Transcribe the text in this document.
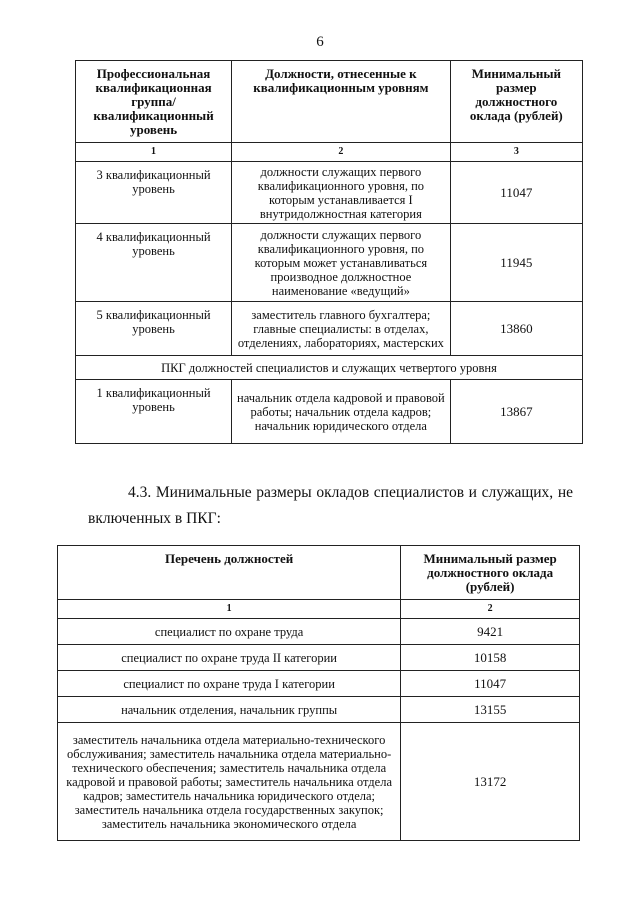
6
Профессиональная квалификационная группа/ квалификационный уровень	Должности, отнесенные к квалификационным уровням	Минимальный размер должностного оклада (рублей)
1	2	3
3 квалификационный уровень	должности служащих первого квалификационного уровня, по которым устанавливается I внутридолжностная категория	11047
4 квалификационный уровень	должности служащих первого квалификационного уровня, по которым может устанавливаться производное должностное наименование «ведущий»	11945
5 квалификационный уровень	заместитель главного бухгалтера; главные специалисты: в отделах, отделениях, лабораториях, мастерских	13860
ПКГ должностей специалистов и служащих четвертого уровня		
1 квалификационный уровень	начальник отдела кадровой и правовой работы; начальник отдела кадров; начальник юридического отдела	13867
4.3. Минимальные размеры окладов специалистов и служащих, не включенных в ПКГ:
Перечень должностей	Минимальный размер должностного оклада (рублей)
1	2
специалист по охране труда	9421
специалист по охране труда II категории	10158
специалист по охране труда I категории	11047
начальник отделения, начальник группы	13155
заместитель начальника отдела материально-технического обслуживания; заместитель начальника отдела материально-технического обеспечения; заместитель начальника отдела кадровой и правовой работы; заместитель начальника отдела кадров; заместитель начальника юридического отдела; заместитель начальника отдела государственных закупок; заместитель начальника экономического отдела	13172
